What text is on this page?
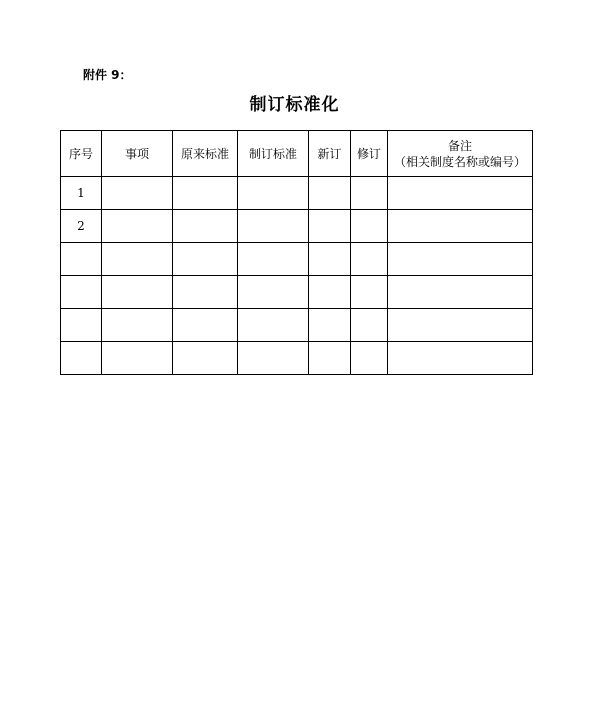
附件 9：
制订标准化
序号	事项	原来标准	制订标准	新订	修订	备注
（相关制度名称或编号）

1						
2						
